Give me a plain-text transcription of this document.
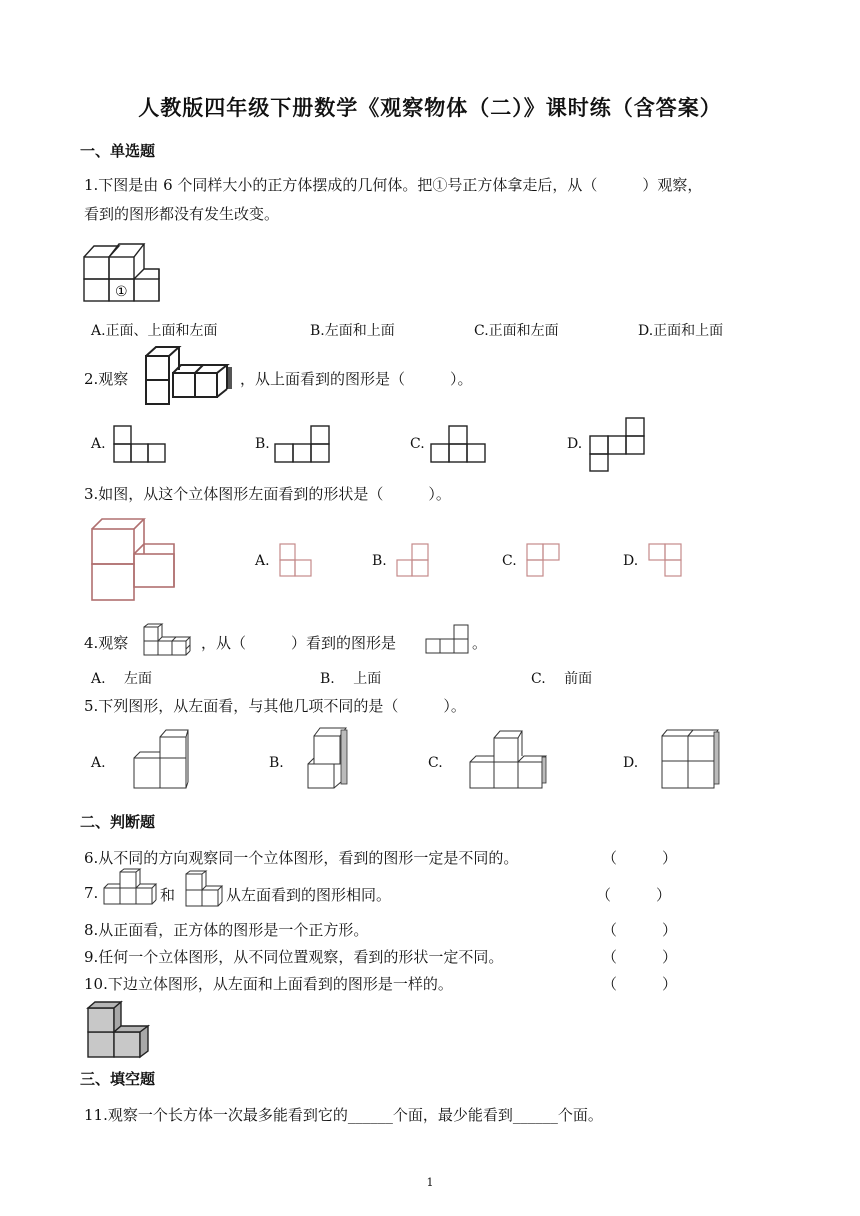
人教版四年级下册数学《观察物体（二）》课时练（含答案）
一、单选题
1.下图是由 6 个同样大小的正方体摆成的几何体。把①号正方体拿走后，从（　　　）观察，
看到的图形都没有发生改变。
①
A.正面、上面和左面	B.左面和上面	C.正面和左面	D.正面和上面
2.观察	，从上面看到的图形是（　　　）。
A.	B.	C.	D.
3.如图，从这个立体图形左面看到的形状是（　　　）。
A.	B.	C.	D.
4.观察	，从（　　　）看到的图形是	。
A.　 左面	B.　 上面	C.　 前面
5.下列图形，从左面看，与其他几项不同的是（　　　）。
A.	B.	C.	D.
二、判断题
6.从不同的方向观察同一个立体图形，看到的图形一定是不同的。	（　　　）
7.	和	从左面看到的图形相同。	（　　　）
8.从正面看，正方体的图形是一个正方形。	（　　　）
9.任何一个立体图形，从不同位置观察，看到的形状一定不同。	（　　　）
10.下边立体图形，从左面和上面看到的图形是一样的。	（　　　）
三、填空题
11.观察一个长方体一次最多能看到它的______个面，最少能看到______个面。
1
